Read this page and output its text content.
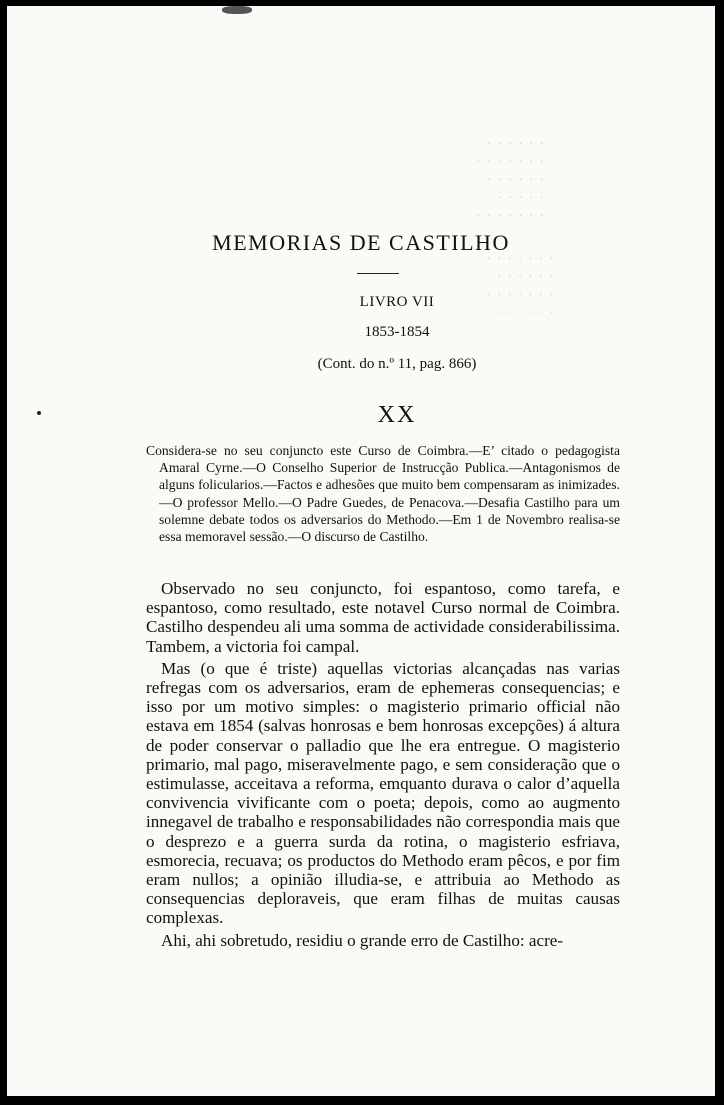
·  ·  ·  ·  ·  ·
·  ·  ·  ·  ·  ·  ·
·  ·  ·  ·  ·  ·
·  ·  ·  ·  ·
·  ·  ·  ·  ·  ·  ·
·  ·  ·  ·  ·  ·  ·
·  ·  ·  ·  ·  ·
·  ·  ·  ·  ·  ·  ·
·  ·  ·  ·  ·  ·
MEMORIAS DE CASTILHO
LIVRO VII
1853-1854
(Cont. do n.º 11, pag. 866)
XX

Considera-se no seu conjuncto este Curso de Coimbra.—E’ citado o pedagogista Amaral Cyrne.—O Conselho Superior de Instrucção Publica.—Antagonismos de alguns folicularios.—Factos e adhesões que muito bem compensaram as inimizades.—O professor Mello.—O Padre Guedes, de Penacova.—Desafia Castilho para um solemne debate todos os adversarios do Methodo.—Em 1 de Novembro realisa-se essa memoravel sessão.—O discurso de Castilho.

Observado no seu conjuncto, foi espantoso, como tarefa, e espantoso, como resultado, este notavel Curso normal de Coimbra. Castilho despendeu ali uma somma de actividade considerabilissima. Tambem, a victoria foi campal.

Mas (o que é triste) aquellas victorias alcançadas nas varias refregas com os adversarios, eram de ephemeras consequencias; e isso por um motivo simples: o magisterio primario official não estava em 1854 (salvas honrosas e bem honrosas excepções) á altura de poder conservar o palladio que lhe era entregue. O magisterio primario, mal pago, miseravelmente pago, e sem consideração que o estimulasse, acceitava a reforma, emquanto durava o calor d’aquella convivencia vivificante com o poeta; depois, como ao augmento innegavel de trabalho e responsabilidades não correspondia mais que o desprezo e a guerra surda da rotina, o magisterio esfriava, esmorecia, recuava; os productos do Methodo eram pêcos, e por fim eram nullos; a opinião illudia-se, e attribuia ao Methodo as consequencias deploraveis, que eram filhas de muitas causas complexas.

Ahi, ahi sobretudo, residiu o grande erro de Castilho: acre-
